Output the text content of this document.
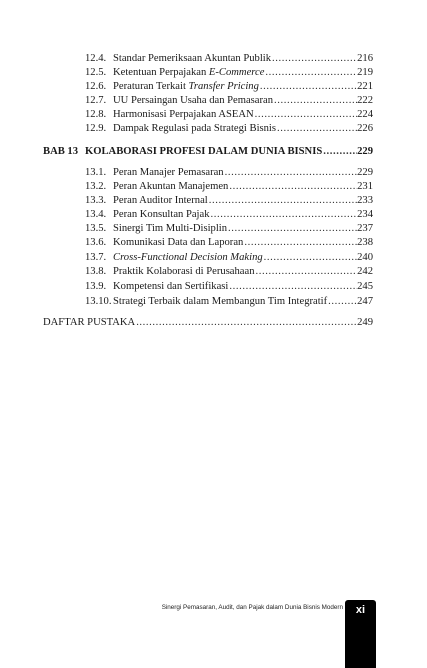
12.4. Standar Pemeriksaan Akuntan Publik .....	216
12.5. Ketentuan Perpajakan E-Commerce .....	219
12.6. Peraturan Terkait Transfer Pricing .....	221
12.7. UU Persaingan Usaha dan Pemasaran .....	222
12.8. Harmonisasi Perpajakan ASEAN .....	224
12.9. Dampak Regulasi pada Strategi Bisnis .....	226
BAB 13 KOLABORASI PROFESI DALAM DUNIA BISNIS .....	229
13.1. Peran Manajer Pemasaran .....	229
13.2. Peran Akuntan Manajemen .....	231
13.3. Peran Auditor Internal .....	233
13.4. Peran Konsultan Pajak .....	234
13.5. Sinergi Tim Multi-Disiplin .....	237
13.6. Komunikasi Data dan Laporan .....	238
13.7. Cross-Functional Decision Making .....	240
13.8. Praktik Kolaborasi di Perusahaan .....	242
13.9. Kompetensi dan Sertifikasi .....	245
13.10. Strategi Terbaik dalam Membangun Tim Integratif .....	247
DAFTAR PUSTAKA .....	249
Sinergi Pemasaran, Audit, dan Pajak dalam Dunia Bisnis Modern	xi
